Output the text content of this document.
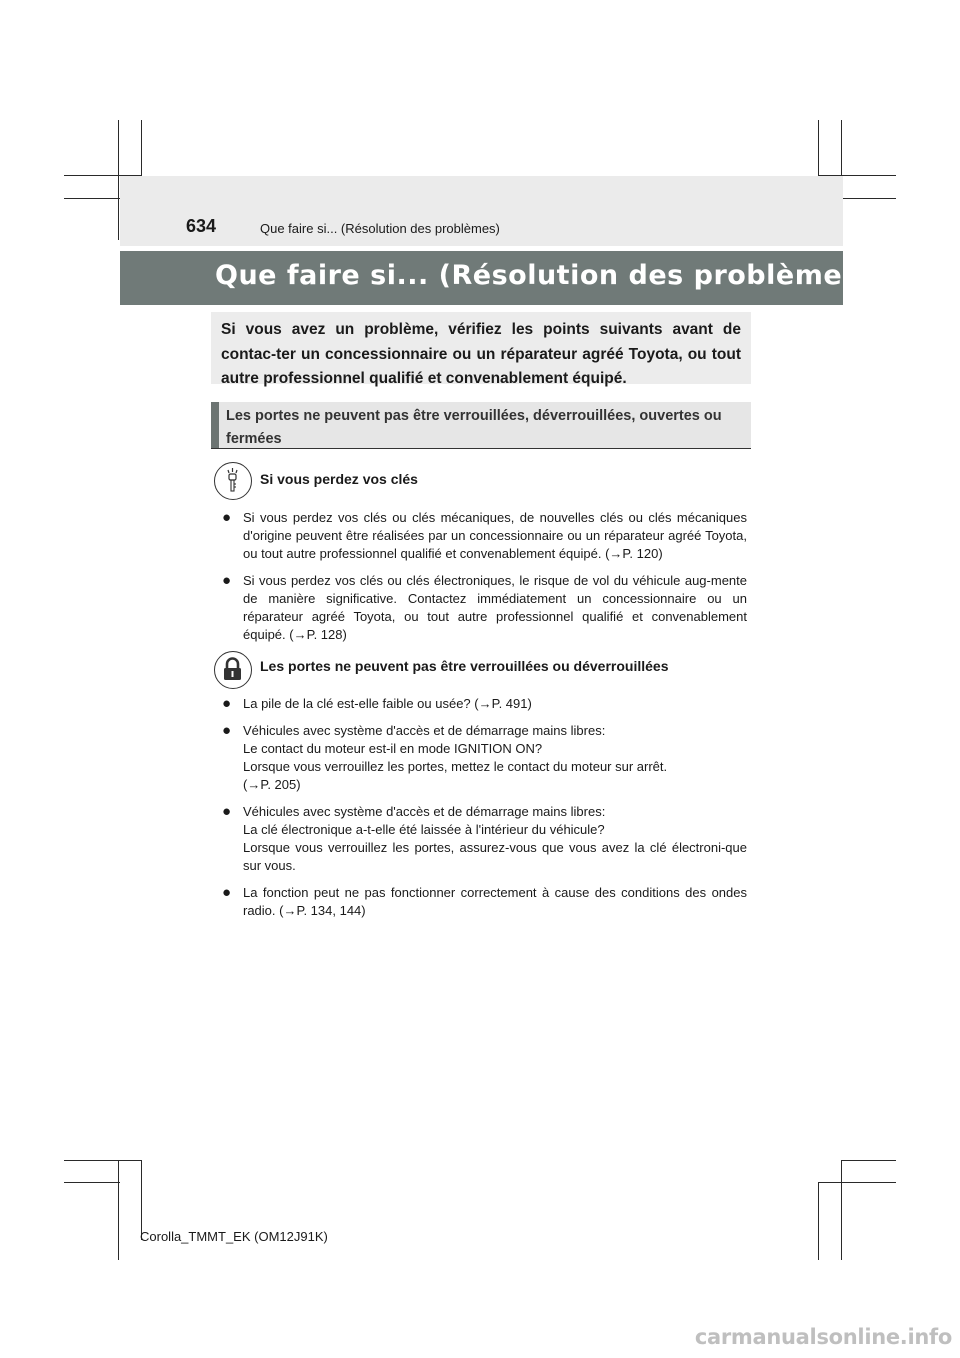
634	Que faire si... (Résolution des problèmes)
Que faire si... (Résolution des problèmes)

Si vous avez un problème, vérifiez les points suivants avant de contac-ter un concessionnaire ou un réparateur agréé Toyota, ou tout autre professionnel qualifié et convenablement équipé.

Les portes ne peuvent pas être verrouillées, déverrouillées, ouvertes ou fermées

Si vous perdez vos clés
● Si vous perdez vos clés ou clés mécaniques, de nouvelles clés ou clés mécaniques d'origine peuvent être réalisées par un concessionnaire ou un réparateur agréé Toyota, ou tout autre professionnel qualifié et convenablement équipé. (→P. 120)
● Si vous perdez vos clés ou clés électroniques, le risque de vol du véhicule aug-mente de manière significative. Contactez immédiatement un concessionnaire ou un réparateur agréé Toyota, ou tout autre professionnel qualifié et convenablement équipé. (→P. 128)
Les portes ne peuvent pas être verrouillées ou déverrouillées
● La pile de la clé est-elle faible ou usée? (→P. 491)
● Véhicules avec système d'accès et de démarrage mains libres:
Le contact du moteur est-il en mode IGNITION ON?
Lorsque vous verrouillez les portes, mettez le contact du moteur sur arrêt.
(→P. 205)
● Véhicules avec système d'accès et de démarrage mains libres:
La clé électronique a-t-elle été laissée à l'intérieur du véhicule?
Lorsque vous verrouillez les portes, assurez-vous que vous avez la clé électroni-que sur vous.
● La fonction peut ne pas fonctionner correctement à cause des conditions des ondes radio. (→P. 134, 144)
Corolla_TMMT_EK (OM12J91K)
carmanualsonline.info
